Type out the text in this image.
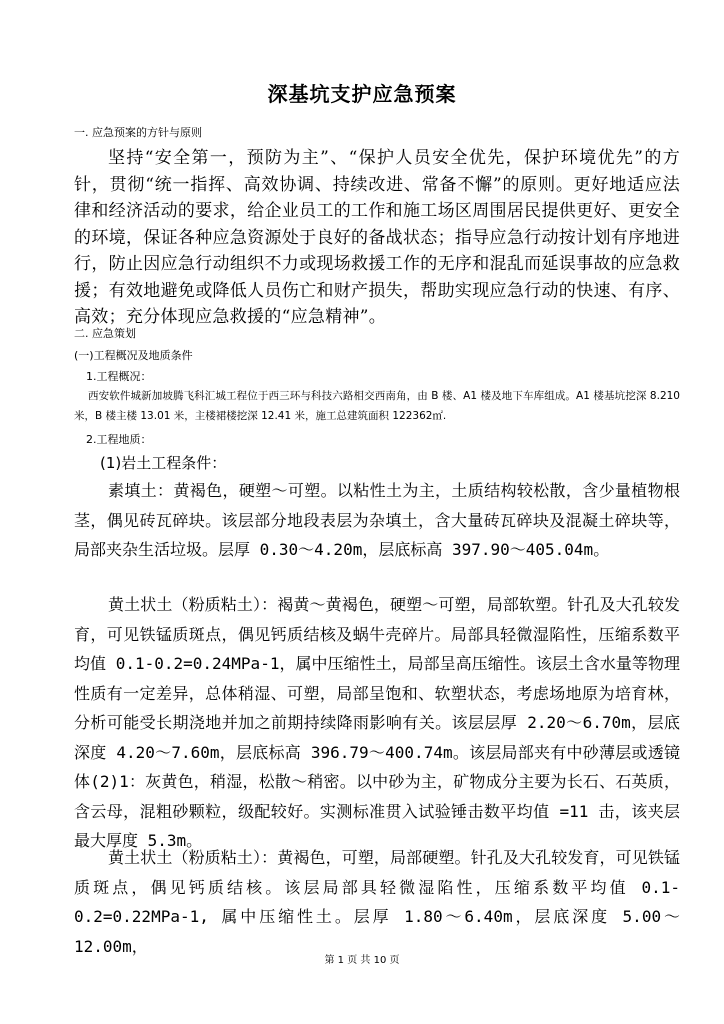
深基坑支护应急预案
一. 应急预案的方针与原则
坚持“安全第一，预防为主”、“保护人员安全优先，保护环境优先”的方针，贯彻“统一指挥、高效协调、持续改进、常备不懈”的原则。更好地适应法律和经济活动的要求，给企业员工的工作和施工场区周围居民提供更好、更安全的环境，保证各种应急资源处于良好的备战状态；指导应急行动按计划有序地进行，防止因应急行动组织不力或现场救援工作的无序和混乱而延误事故的应急救援；有效地避免或降低人员伤亡和财产损失，帮助实现应急行动的快速、有序、高效；充分体现应急救援的“应急精神”。
二. 应急策划
(一)工程概况及地质条件
1.工程概况：
西安软件城新加坡腾飞科汇城工程位于西三环与科技六路相交西南角，由 B 楼、A1 楼及地下车库组成。A1 楼基坑挖深 8.210 米，B 楼主楼 13.01 米，主楼裙楼挖深 12.41 米，施工总建筑面积 122362㎡.
2.工程地质：
(1)岩土工程条件：
素填土：黄褐色，硬塑～可塑。以粘性土为主，土质结构较松散，含少量植物根茎，偶见砖瓦碎块。该层部分地段表层为杂填土，含大量砖瓦碎块及混凝土碎块等，局部夹杂生活垃圾。层厚 0.30～4.20m，层底标高 397.90～405.04m。
黄土状土（粉质粘土）：褐黄～黄褐色，硬塑～可塑，局部软塑。针孔及大孔较发育，可见铁锰质斑点，偶见钙质结核及蜗牛壳碎片。局部具轻微湿陷性，压缩系数平均值 0.1-0.2=0.24MPa-1，属中压缩性土，局部呈高压缩性。该层土含水量等物理性质有一定差异，总体稍湿、可塑，局部呈饱和、软塑状态，考虑场地原为培育林，分析可能受长期浇地并加之前期持续降雨影响有关。该层层厚 2.20～6.70m，层底深度 4.20～7.60m，层底标高 396.79～400.74m。该层局部夹有中砂薄层或透镜体(2)1：灰黄色，稍湿，松散～稍密。以中砂为主，矿物成分主要为长石、石英质，含云母，混粗砂颗粒，级配较好。实测标准贯入试验锤击数平均值 =11 击，该夹层最大厚度 5.3m。
黄土状土（粉质粘土）：黄褐色，可塑，局部硬塑。针孔及大孔较发育，可见铁锰质斑点，偶见钙质结核。该层局部具轻微湿陷性，压缩系数平均值 0.1-0.2=0.22MPa-1, 属中压缩性土。层厚 1.80～6.40m，层底深度 5.00～12.00m，
第 1 页 共 10 页
